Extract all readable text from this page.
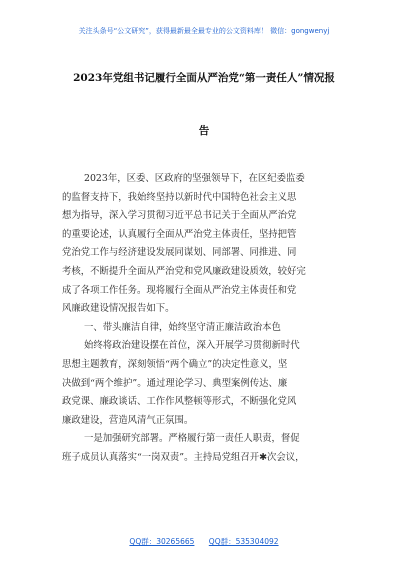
关注头条号“公文研究”，获得最新最全最专业的公文资料库！ 微信：gongwenyj
2023年党组书记履行全面从严治党“第一责任人”情况报
告
2023年，区委、区政府的坚强领导下，在区纪委监委
的监督支持下，我始终坚持以新时代中国特色社会主义思
想为指导，深入学习贯彻习近平总书记关于全面从严治党
的重要论述，认真履行全面从严治党主体责任，坚持把管
党治党工作与经济建设发展同谋划、同部署、同推进、同
考核，不断提升全面从严治党和党风廉政建设质效，较好完
成了各项工作任务。现将履行全面从严治党主体责任和党
风廉政建设情况报告如下。
一、带头廉洁自律，始终坚守清正廉洁政治本色
始终将政治建设摆在首位，深入开展学习贯彻新时代
思想主题教育，深刻领悟“两个确立”的决定性意义，坚
决做到“两个维护”。通过理论学习、典型案例传达、廉
政党课、廉政谈话、工作作风整顿等形式，不断强化党风
廉政建设，营造风清气正氛围。
一是加强研究部署。严格履行第一责任人职责，督促
班子成员认真落实“一岗双责”。主持局党组召开✱次会议，
QQ群：30265665 QQ群：535304092
